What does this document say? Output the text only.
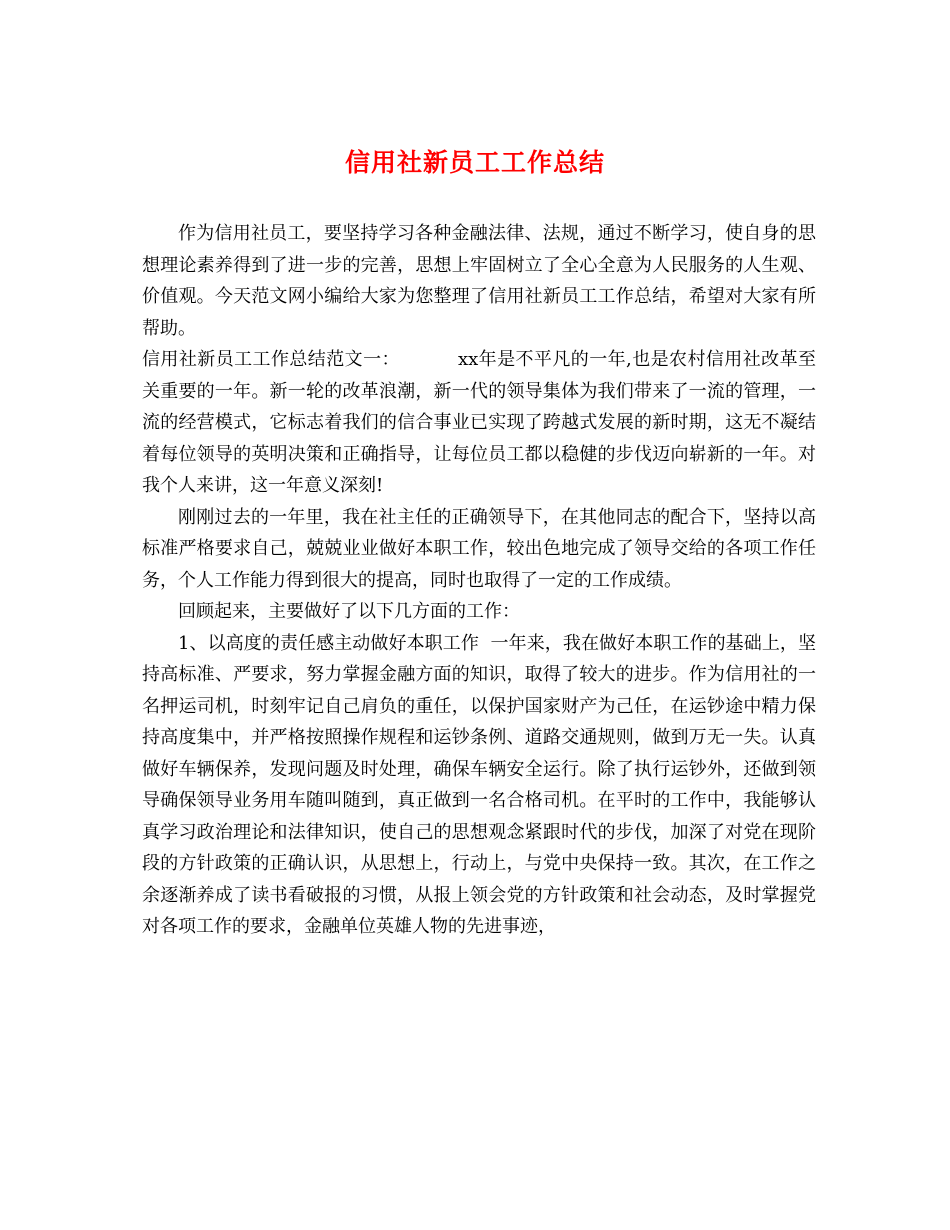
信用社新员工工作总结

作为信用社员工，要坚持学习各种金融法律、法规，通过不断学习，使自身的思想理论素养得到了进一步的完善，思想上牢固树立了全心全意为人民服务的人生观、价值观。今天范文网小编给大家为您整理了信用社新员工工作总结，希望对大家有所帮助。

信用社新员工工作总结范文一：	xx年是不平凡的一年,也是农村信用社改革至关重要的一年。新一轮的改革浪潮，新一代的领导集体为我们带来了一流的管理，一流的经营模式，它标志着我们的信合事业已实现了跨越式发展的新时期，这无不凝结着每位领导的英明决策和正确指导，让每位员工都以稳健的步伐迈向崭新的一年。对我个人来讲，这一年意义深刻!

刚刚过去的一年里，我在社主任的正确领导下，在其他同志的配合下，坚持以高标准严格要求自己，兢兢业业做好本职工作，较出色地完成了领导交给的各项工作任务，个人工作能力得到很大的提高，同时也取得了一定的工作成绩。

回顾起来，主要做好了以下几方面的工作：

1、以高度的责任感主动做好本职工作 一年来，我在做好本职工作的基础上，坚持高标准、严要求，努力掌握金融方面的知识，取得了较大的进步。作为信用社的一名押运司机，时刻牢记自己肩负的重任，以保护国家财产为己任，在运钞途中精力保持高度集中，并严格按照操作规程和运钞条例、道路交通规则，做到万无一失。认真做好车辆保养，发现问题及时处理，确保车辆安全运行。除了执行运钞外，还做到领导确保领导业务用车随叫随到，真正做到一名合格司机。在平时的工作中，我能够认真学习政治理论和法律知识，使自己的思想观念紧跟时代的步伐，加深了对党在现阶段的方针政策的正确认识，从思想上，行动上，与党中央保持一致。其次，在工作之余逐渐养成了读书看破报的习惯，从报上领会党的方针政策和社会动态，及时掌握党对各项工作的要求，金融单位英雄人物的先进事迹，
